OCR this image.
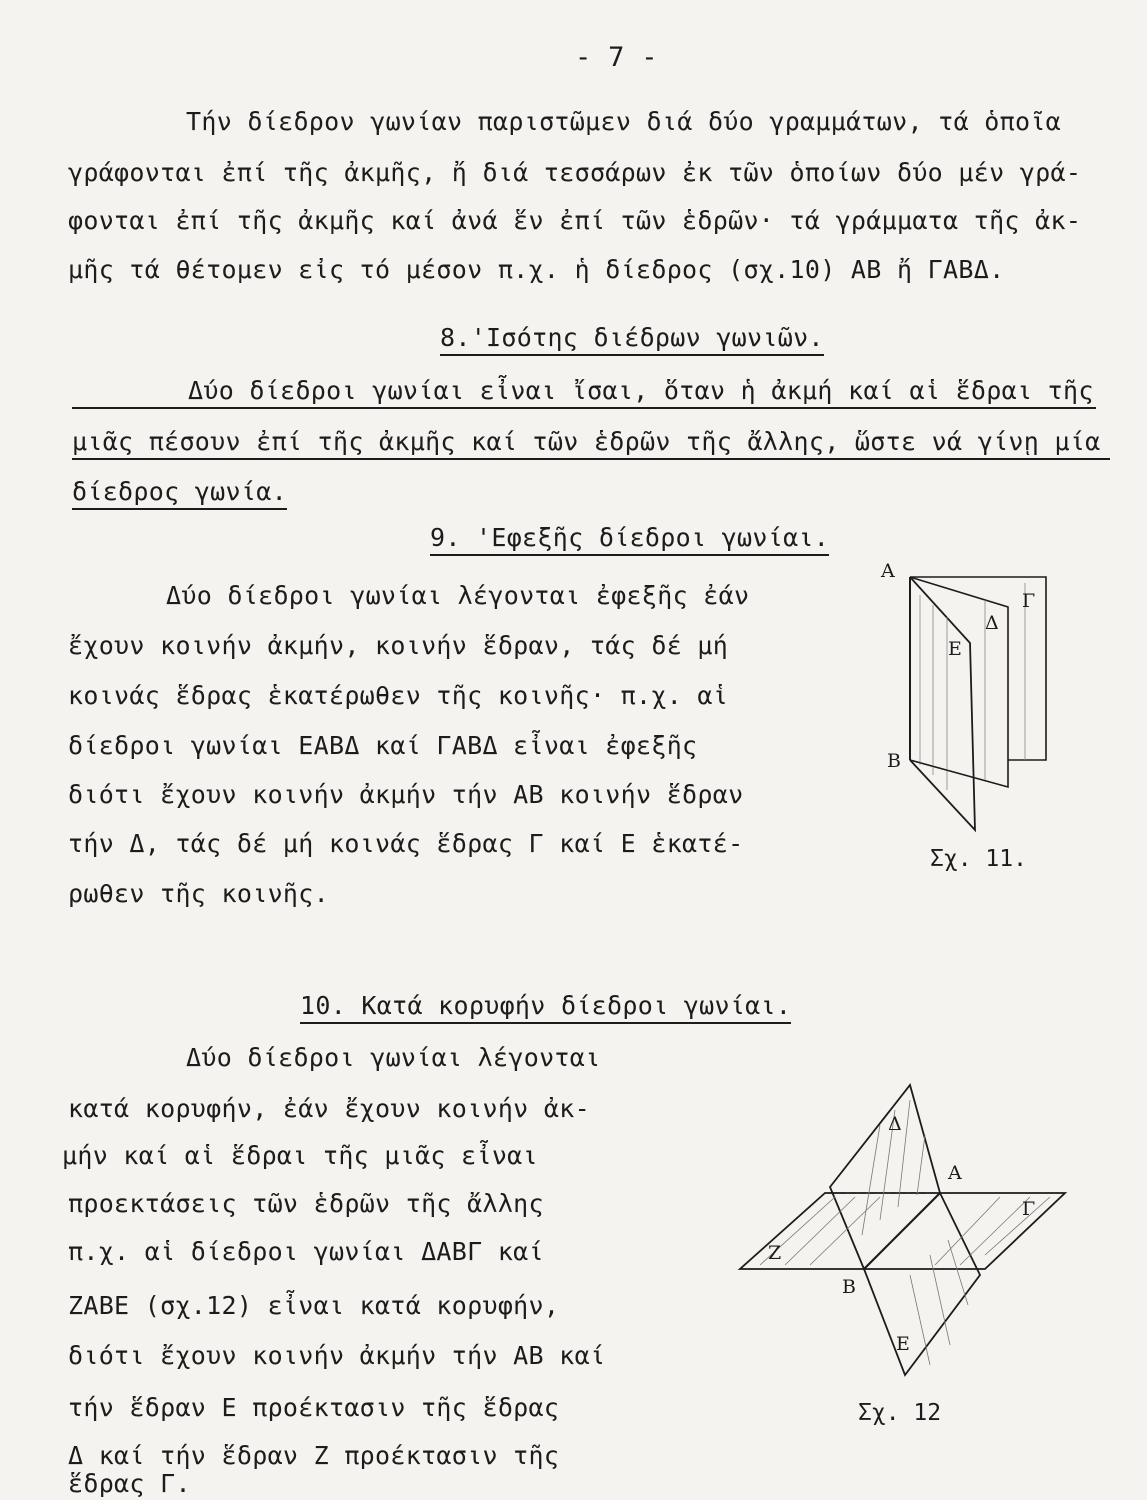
- 7 -
Τήν δίεδρον γωνίαν παριστῶμεν διά δύο γραμμάτων, τά ὁποῖα
γράφονται ἐπί τῆς ἀκμῆς, ἤ διά τεσσάρων ἐκ τῶν ὁποίων δύο μέν γρά-
φονται ἐπί τῆς ἀκμῆς καί ἀνά ἕν ἐπί τῶν ἑδρῶν· τά γράμματα τῆς ἀκ-
μῆς τά θέτομεν εἰς τό μέσον π.χ. ἡ δίεδρος (σχ.10) ΑΒ ἤ ΓΑΒΔ.
8.'Ισότης διέδρων γωνιῶν.
Δύο δίεδροι γωνίαι εἶναι ἴσαι, ὅταν ἡ ἀκμή καί αἱ ἕδραι τῆς
μιᾶς πέσουν ἐπί τῆς ἀκμῆς καί τῶν ἑδρῶν τῆς ἄλλης, ὥστε νά γίνῃ μία
δίεδρος γωνία.
9. 'Εφεξῆς δίεδροι γωνίαι.
Δύο δίεδροι γωνίαι λέγονται ἐφεξῆς ἐάν
ἔχουν κοινήν ἀκμήν, κοινήν ἕδραν, τάς δέ μή
κοινάς ἕδρας ἑκατέρωθεν τῆς κοινῆς· π.χ. αἱ
δίεδροι γωνίαι ΕΑΒΔ καί ΓΑΒΔ εἶναι ἐφεξῆς
διότι ἔχουν κοινήν ἀκμήν τήν ΑΒ κοινήν ἕδραν
τήν Δ, τάς δέ μή κοινάς ἕδρας Γ καί Ε ἑκατέ-
ρωθεν τῆς κοινῆς.
Α
Γ
Δ
Ε
Β
Σχ. 11.
10. Κατά κορυφήν δίεδροι γωνίαι.
Δύο δίεδροι γωνίαι λέγονται
κατά κορυφήν, ἐάν ἔχουν κοινήν ἀκ-
μήν καί αἱ ἕδραι τῆς μιᾶς εἶναι
προεκτάσεις τῶν ἑδρῶν τῆς ἄλλης
π.χ. αἱ δίεδροι γωνίαι ΔΑΒΓ καί
ΖΑΒΕ (σχ.12) εἶναι κατά κορυφήν,
διότι ἔχουν κοινήν ἀκμήν τήν ΑΒ καί
τήν ἕδραν Ε προέκτασιν τῆς ἕδρας
Δ καί τήν ἕδραν Ζ προέκτασιν τῆς
ἕδρας Γ.
Δ
Α
Γ
Ζ
Β
Ε
Σχ. 12
